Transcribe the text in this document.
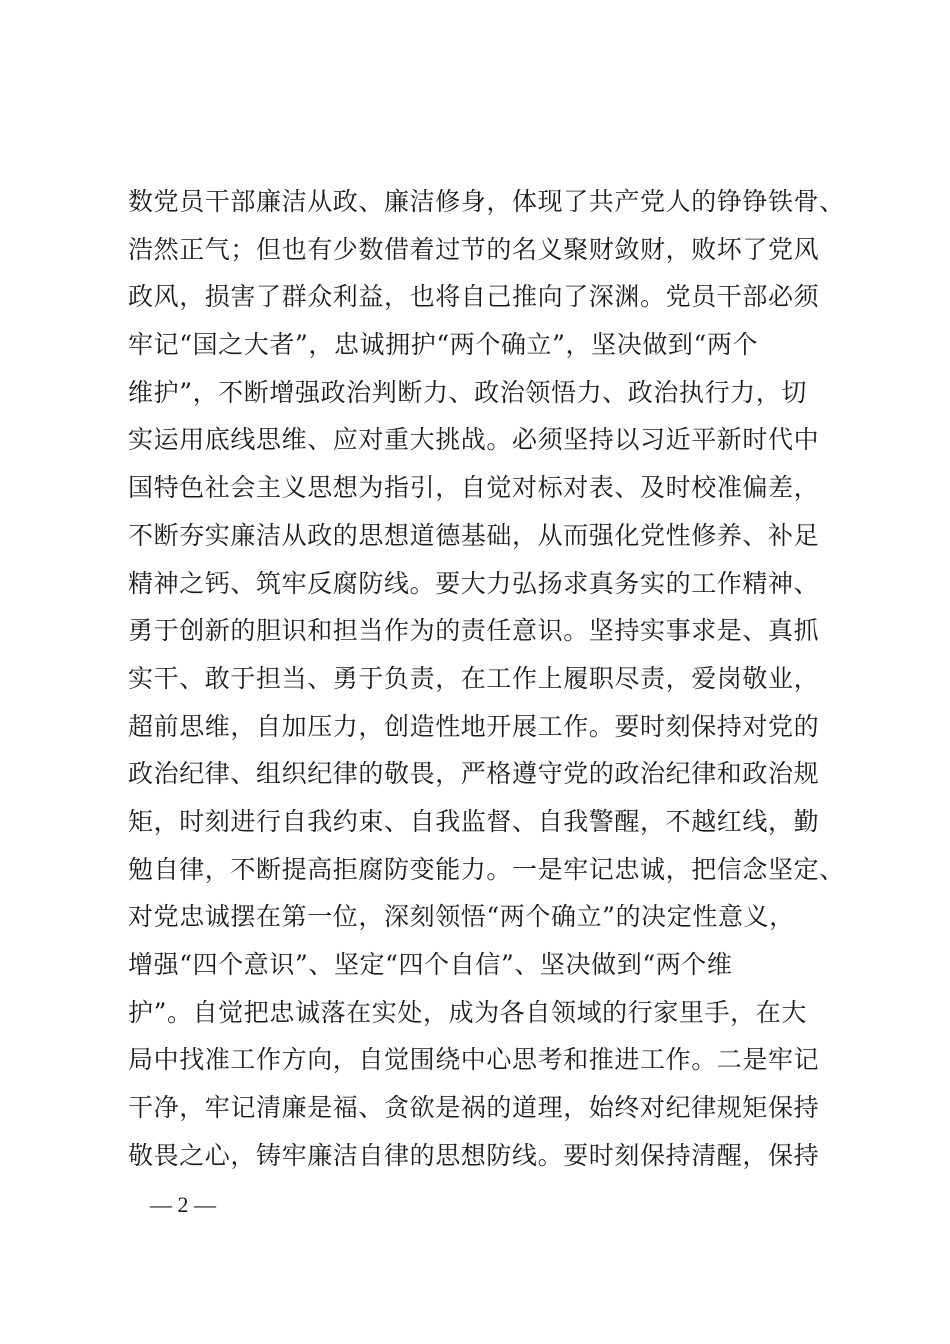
数党员干部廉洁从政、廉洁修身，体现了共产党人的铮铮铁骨、
浩然正气；但也有少数借着过节的名义聚财敛财，败坏了党风
政风，损害了群众利益，也将自己推向了深渊。党员干部必须
牢记“国之大者”，忠诚拥护“两个确立”，坚决做到“两个
维护”，不断增强政治判断力、政治领悟力、政治执行力，切
实运用底线思维、应对重大挑战。必须坚持以习近平新时代中
国特色社会主义思想为指引，自觉对标对表、及时校准偏差，
不断夯实廉洁从政的思想道德基础，从而强化党性修养、补足
精神之钙、筑牢反腐防线。要大力弘扬求真务实的工作精神、
勇于创新的胆识和担当作为的责任意识。坚持实事求是、真抓
实干、敢于担当、勇于负责，在工作上履职尽责，爱岗敬业，
超前思维，自加压力，创造性地开展工作。要时刻保持对党的
政治纪律、组织纪律的敬畏，严格遵守党的政治纪律和政治规
矩，时刻进行自我约束、自我监督、自我警醒，不越红线，勤
勉自律，不断提高拒腐防变能力。一是牢记忠诚，把信念坚定、
对党忠诚摆在第一位，深刻领悟“两个确立”的决定性意义，
增强“四个意识”、坚定“四个自信”、坚决做到“两个维
护”。自觉把忠诚落在实处，成为各自领域的行家里手，在大
局中找准工作方向，自觉围绕中心思考和推进工作。二是牢记
干净，牢记清廉是福、贪欲是祸的道理，始终对纪律规矩保持
敬畏之心，铸牢廉洁自律的思想防线。要时刻保持清醒，保持
— 2 —
